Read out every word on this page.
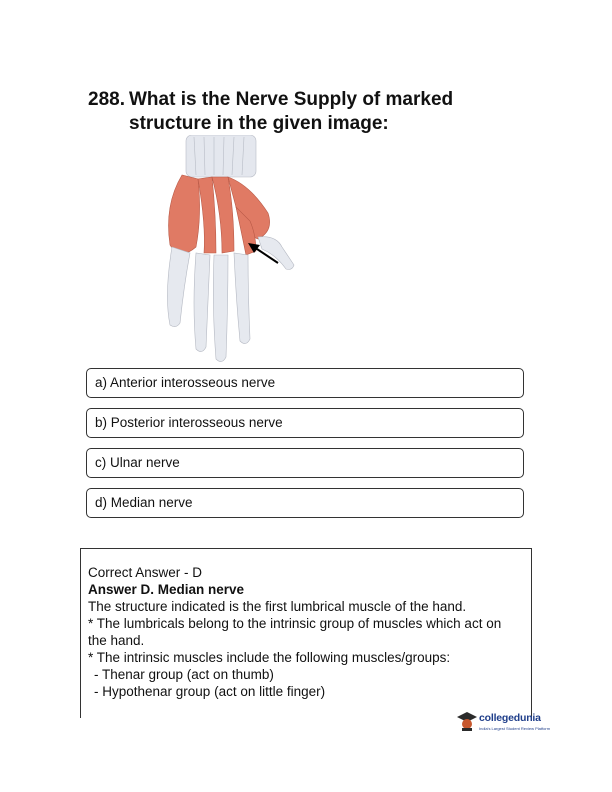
288. What is the Nerve Supply of marked structure in the given image:
a) Anterior interosseous nerve
b) Posterior interosseous nerve
c) Ulnar nerve
d) Median nerve
Correct Answer - D
Answer D. Median nerve
The structure indicated is the first lumbrical muscle of the hand.
* The lumbricals belong to the intrinsic group of muscles which act on the hand.
* The intrinsic muscles include the following muscles/groups:
- Thenar group (act on thumb)
- Hypothenar group (act on little finger)
collegedunia
India's Largest Student Review Platform
